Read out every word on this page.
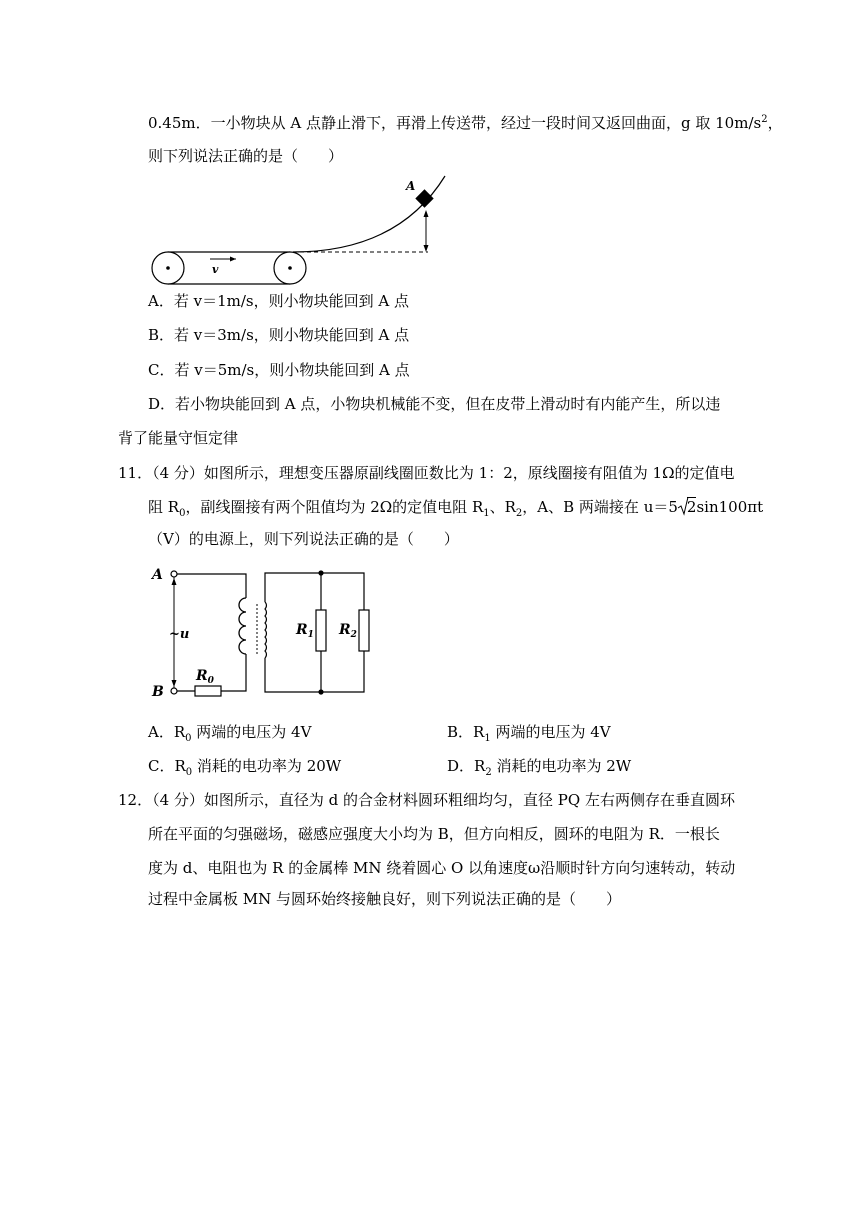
0.45m．一小物块从 A 点静止滑下，再滑上传送带，经过一段时间又返回曲面，g 取 $10m/s^2$，
则下列说法正确的是（　　）
v
A
A．若 v＝1m/s，则小物块能回到 A 点
B．若 v＝3m/s，则小物块能回到 A 点
C．若 v＝5m/s，则小物块能回到 A 点
D．若小物块能回到 A 点，小物块机械能不变，但在皮带上滑动时有内能产生，所以违
背了能量守恒定律
11．（4 分）如图所示，理想变压器原副线圈匝数比为 1：2，原线圈接有阻值为 1Ω的定值电
阻 $R_0$，副线圈接有两个阻值均为 2Ω的定值电阻 $R_1$、$R_2$，A、B 两端接在 u＝5 2sin100πt
（V）的电源上，则下列说法正确的是（　　）
A
B
~u
$R_0$
$R_1$ $R_2$
A．$R_0$ 两端的电压为 4V	B．$R_1$ 两端的电压为 4V
C．$R_0$ 消耗的电功率为 20W	D．$R_2$ 消耗的电功率为 2W
12．（4 分）如图所示，直径为 d 的合金材料圆环粗细均匀，直径 PQ 左右两侧存在垂直圆环
所在平面的匀强磁场，磁感应强度大小均为 B，但方向相反，圆环的电阻为 R．一根长
度为 d、电阻也为 R 的金属棒 MN 绕着圆心 O 以角速度ω沿顺时针方向匀速转动，转动
过程中金属板 MN 与圆环始终接触良好，则下列说法正确的是（　　）
